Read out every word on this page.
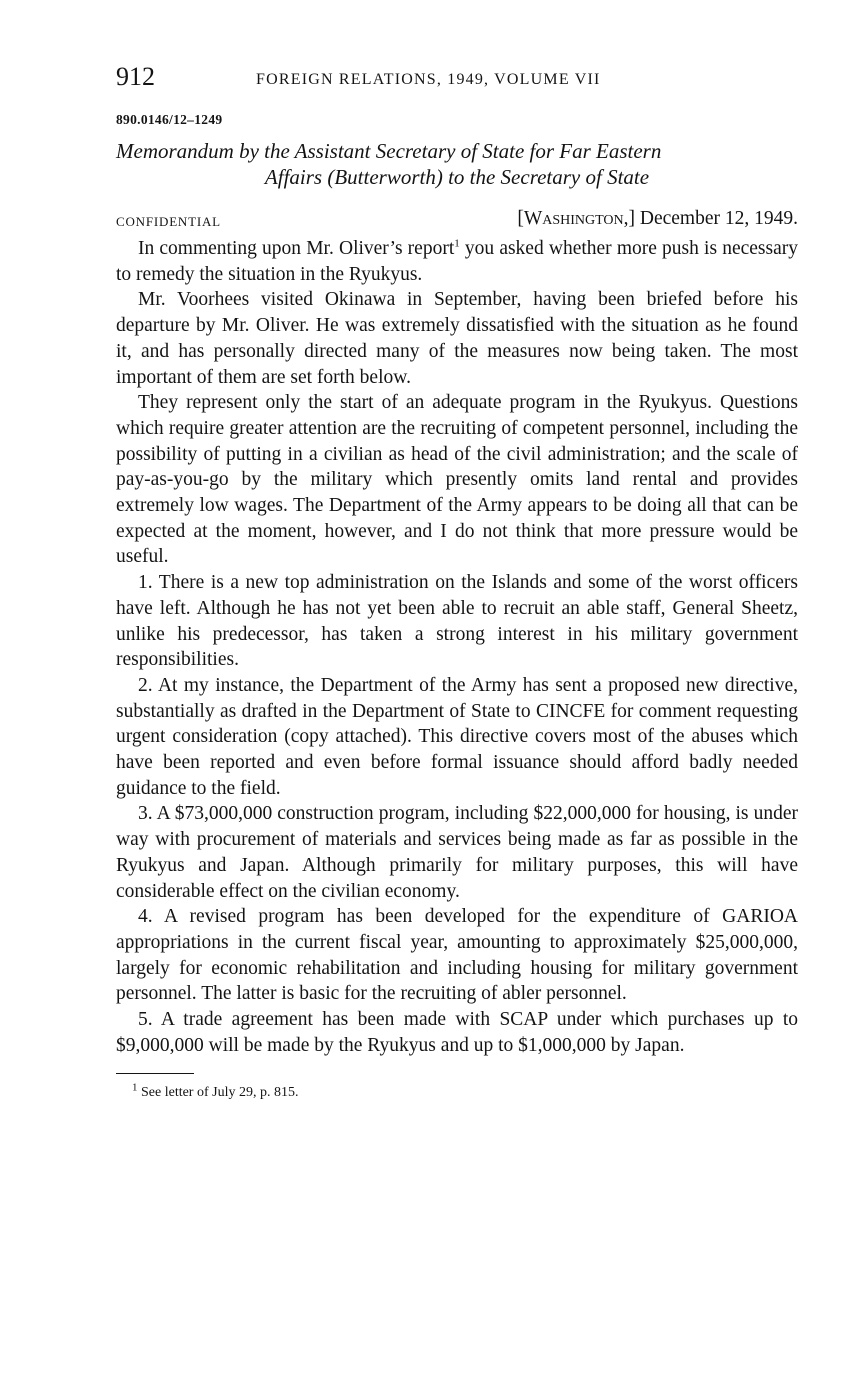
912	FOREIGN RELATIONS, 1949, VOLUME VII
890.0146/12–1249
Memorandum by the Assistant Secretary of State for Far Eastern
Affairs (Butterworth) to the Secretary of State
CONFIDENTIAL	[Washington,] December 12, 1949.

In commenting upon Mr. Oliver’s report$^1$ you asked whether more push is necessary to remedy the situation in the Ryukyus.

Mr. Voorhees visited Okinawa in September, having been briefed before his departure by Mr. Oliver. He was extremely dissatisfied with the situation as he found it, and has personally directed many of the measures now being taken. The most important of them are set forth below.

They represent only the start of an adequate program in the Ryukyus. Questions which require greater attention are the recruiting of competent personnel, including the possibility of putting in a civilian as head of the civil administration; and the scale of pay-as-you-go by the military which presently omits land rental and provides extremely low wages. The Department of the Army appears to be doing all that can be expected at the moment, however, and I do not think that more pressure would be useful.

1. There is a new top administration on the Islands and some of the worst officers have left. Although he has not yet been able to recruit an able staff, General Sheetz, unlike his predecessor, has taken a strong interest in his military government responsibilities.

2. At my instance, the Department of the Army has sent a proposed new directive, substantially as drafted in the Department of State to CINCFE for comment requesting urgent consideration (copy attached). This directive covers most of the abuses which have been reported and even before formal issuance should afford badly needed guidance to the field.

3. A $73,000,000 construction program, including $22,000,000 for housing, is under way with procurement of materials and services being made as far as possible in the Ryukyus and Japan. Although primarily for military purposes, this will have considerable effect on the civilian economy.

4. A revised program has been developed for the expenditure of GARIOA appropriations in the current fiscal year, amounting to approximately $25,000,000, largely for economic rehabilitation and including housing for military government personnel. The latter is basic for the recruiting of abler personnel.

5. A trade agreement has been made with SCAP under which purchases up to $9,000,000 will be made by the Ryukyus and up to $1,000,000 by Japan.

$^1$ See letter of July 29, p. 815.
